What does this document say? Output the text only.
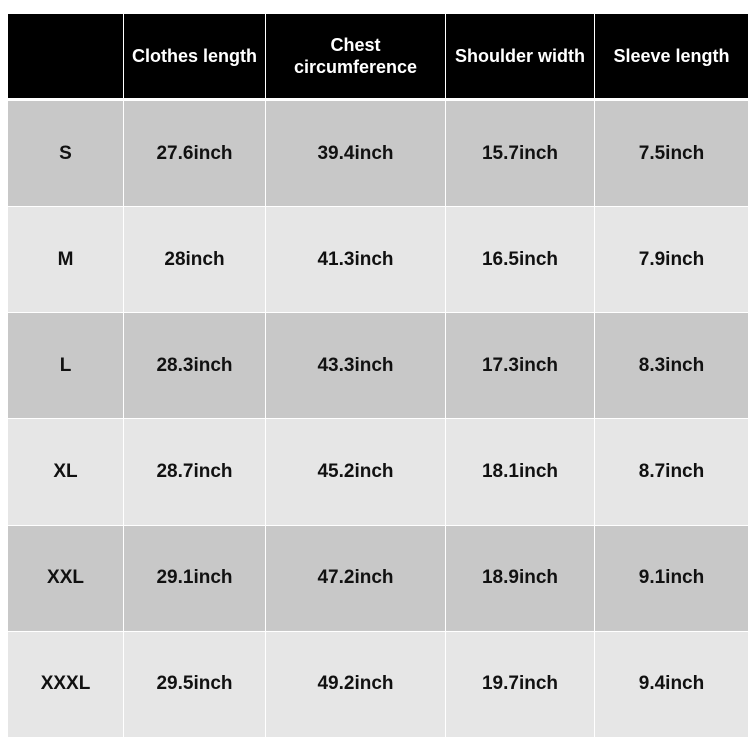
	Clothes length	Chest circumference	Shoulder width	Sleeve length
S	27.6inch	39.4inch	15.7inch	7.5inch
M	28inch	41.3inch	16.5inch	7.9inch
L	28.3inch	43.3inch	17.3inch	8.3inch
XL	28.7inch	45.2inch	18.1inch	8.7inch
XXL	29.1inch	47.2inch	18.9inch	9.1inch
XXXL	29.5inch	49.2inch	19.7inch	9.4inch
